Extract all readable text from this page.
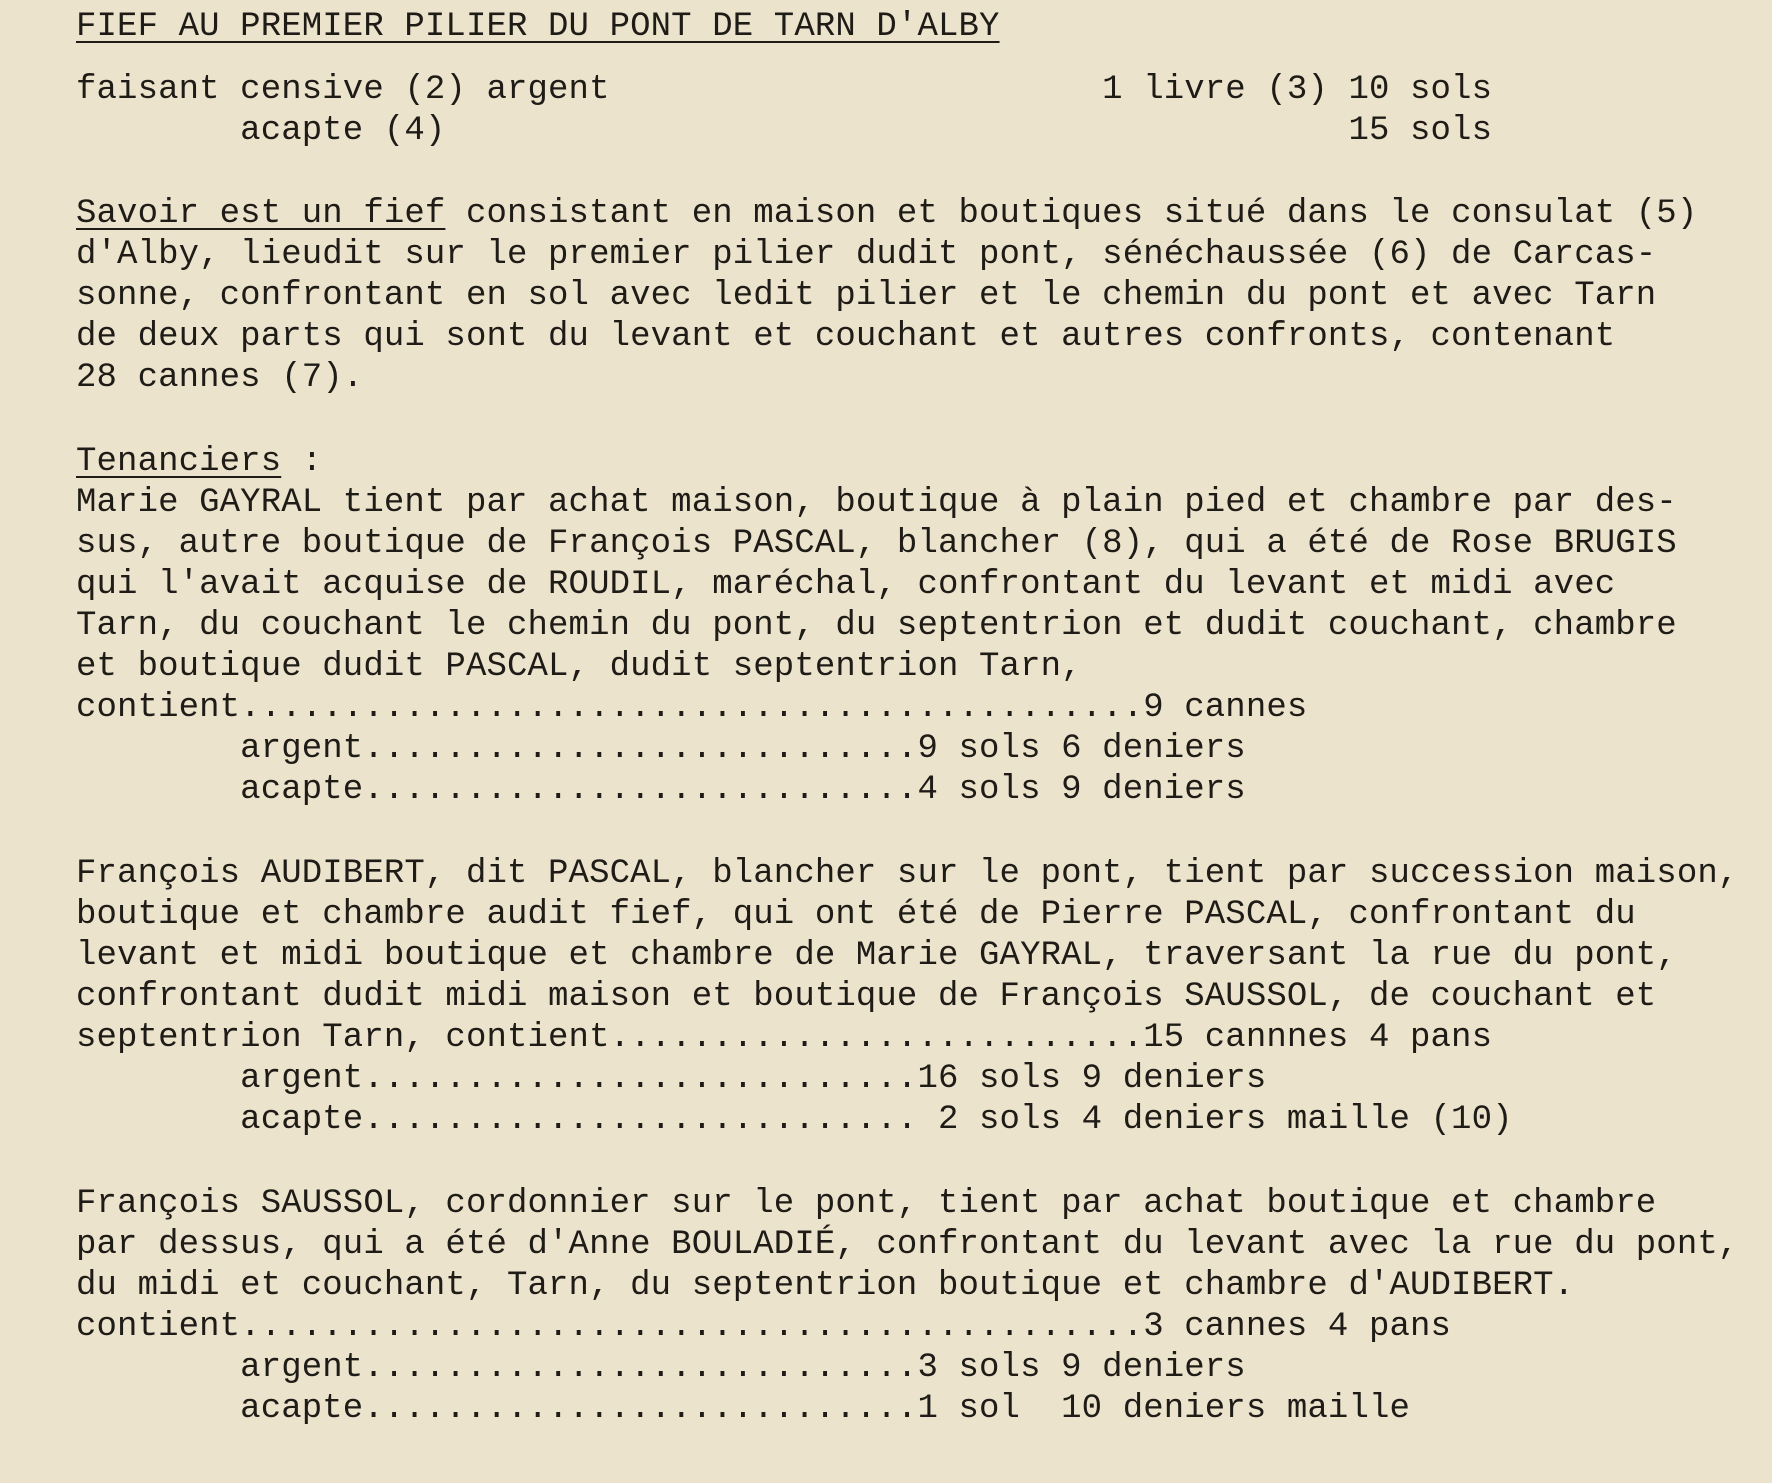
FIEF AU PREMIER PILIER DU PONT DE TARN D'ALBY
faisant censive (2) argent                        1 livre (3) 10 sols
acapte (4)                                            15 sols
Savoir est un fief consistant en maison et boutiques situé dans le consulat (5)
d'Alby, lieudit sur le premier pilier dudit pont, sénéchaussée (6) de Carcas-
sonne, confrontant en sol avec ledit pilier et le chemin du pont et avec Tarn
de deux parts qui sont du levant et couchant et autres confronts, contenant
28 cannes (7).
Tenanciers :
Marie GAYRAL tient par achat maison, boutique à plain pied et chambre par des-
sus, autre boutique de François PASCAL, blancher (8), qui a été de Rose BRUGIS
qui l'avait acquise de ROUDIL, maréchal, confrontant du levant et midi avec
Tarn, du couchant le chemin du pont, du septentrion et dudit couchant, chambre
et boutique dudit PASCAL, dudit septentrion Tarn,
contient............................................9 cannes
argent...........................9 sols 6 deniers
acapte...........................4 sols 9 deniers
François AUDIBERT, dit PASCAL, blancher sur le pont, tient par succession maison,
boutique et chambre audit fief, qui ont été de Pierre PASCAL, confrontant du
levant et midi boutique et chambre de Marie GAYRAL, traversant la rue du pont,
confrontant dudit midi maison et boutique de François SAUSSOL, de couchant et
septentrion Tarn, contient..........................15 cannnes 4 pans
argent...........................16 sols 9 deniers
acapte........................... 2 sols 4 deniers maille (10)
François SAUSSOL, cordonnier sur le pont, tient par achat boutique et chambre
par dessus, qui a été d'Anne BOULADIÉ, confrontant du levant avec la rue du pont,
du midi et couchant, Tarn, du septentrion boutique et chambre d'AUDIBERT.
contient............................................3 cannes 4 pans
argent...........................3 sols 9 deniers
acapte...........................1 sol  10 deniers maille
